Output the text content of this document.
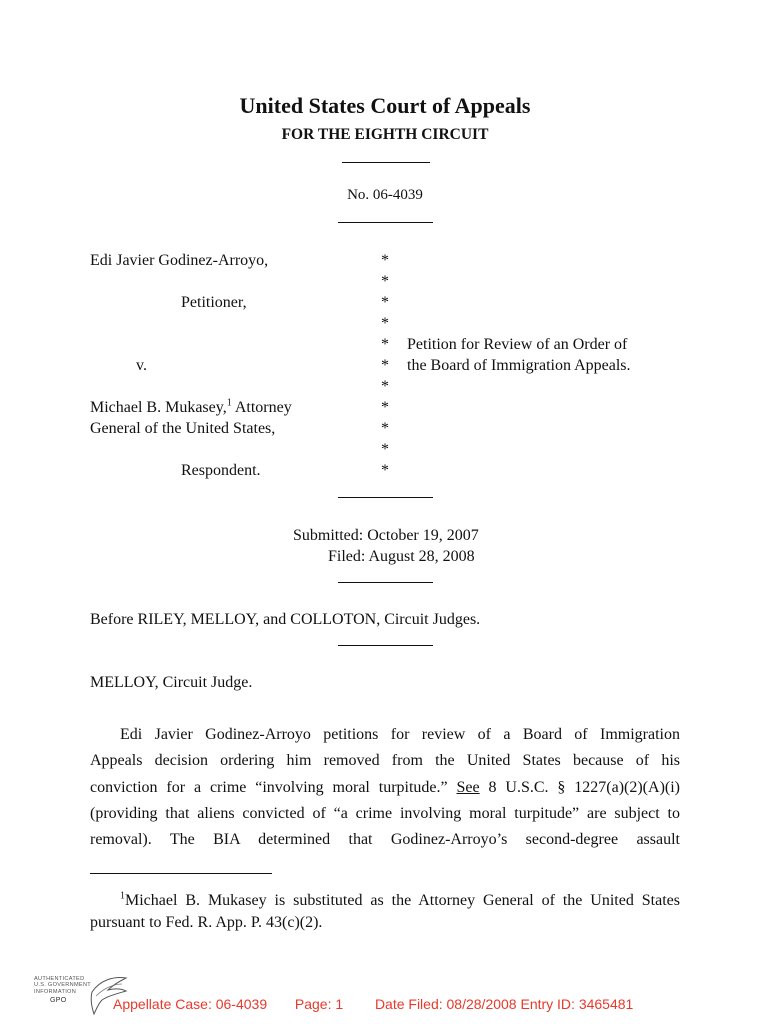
United States Court of Appeals
FOR THE EIGHTH CIRCUIT
No. 06-4039
Edi Javier Godinez-Arroyo,
Petitioner,
v.
Michael B. Mukasey,$^1$ Attorney
General of the United States,
Respondent.
*
*
*
*
*
*
*
*
*
*
*
Petition for Review of an Order of
the Board of Immigration Appeals.
Submitted: October 19, 2007
Filed: August 28, 2008
Before RILEY, MELLOY, and COLLOTON, Circuit Judges.
MELLOY, Circuit Judge.
Edi Javier Godinez-Arroyo petitions for review of a Board of Immigration
Appeals decision ordering him removed from the United States because of his
conviction for a crime “involving moral turpitude.” See 8 U.S.C. § 1227(a)(2)(A)(i)
(providing that aliens convicted of “a crime involving moral turpitude” are subject to
removal). The BIA determined that Godinez-Arroyo’s second-degree assault
$^1$Michael B. Mukasey is substituted as the Attorney General of the United States
pursuant to Fed. R. App. P. 43(c)(2).
AUTHENTICATED
U.S. GOVERNMENT
INFORMATION
GPO	Appellate Case: 06-4039 Page: 1 Date Filed: 08/28/2008 Entry ID: 3465481
